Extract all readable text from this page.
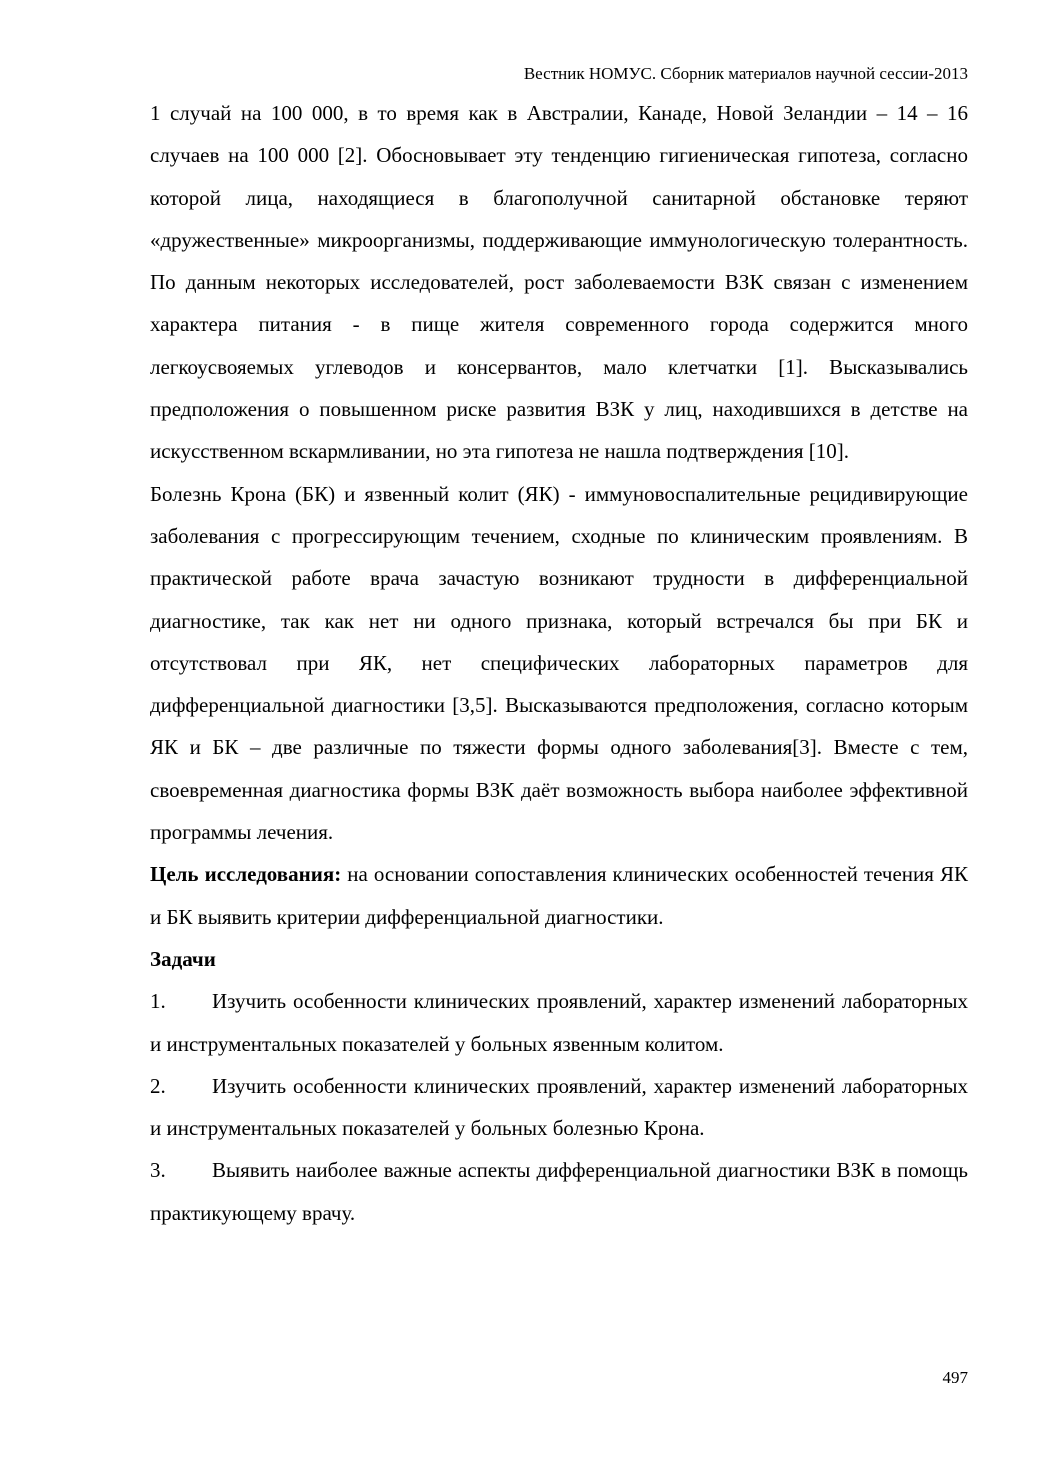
Вестник НОМУС. Сборник материалов научной сессии-2013

1 случай на 100 000, в то время как в Австралии, Канаде, Новой Зеландии – 14 – 16 случаев на 100 000 [2]. Обосновывает эту тенденцию гигиеническая гипотеза, согласно которой лица, находящиеся в благополучной санитарной обстановке теряют «дружественные» микроорганизмы, поддерживающие иммунологическую толерантность. По данным некоторых исследователей, рост заболеваемости ВЗК связан с изменением характера питания - в пище жителя современного города содержится много легкоусвояемых углеводов и консервантов, мало клетчатки [1]. Высказывались предположения о повышенном риске развития ВЗК у лиц, находившихся в детстве на искусственном вскармливании, но эта гипотеза не нашла подтверждения [10].

Болезнь Крона (БК) и язвенный колит (ЯК) - иммуновоспалительные рецидивирующие заболевания с прогрессирующим течением, сходные по клиническим проявлениям. В практической работе врача зачастую возникают трудности в дифференциальной диагностике, так как нет ни одного признака, который встречался бы при БК и отсутствовал при ЯК, нет специфических лабораторных параметров для дифференциальной диагностики [3,5]. Высказываются предположения, согласно которым ЯК и БК – две различные по тяжести формы одного заболевания[3]. Вместе с тем, своевременная диагностика формы ВЗК даёт возможность выбора наиболее эффективной программы лечения.

Цель исследования: на основании сопоставления клинических особенностей течения ЯК и БК выявить критерии дифференциальной диагностики.

Задачи

1. Изучить особенности клинических проявлений, характер изменений лабораторных и инструментальных показателей у больных язвенным колитом.

2. Изучить особенности клинических проявлений, характер изменений лабораторных и инструментальных показателей у больных болезнью Крона.

3. Выявить наиболее важные аспекты дифференциальной диагностики ВЗК в помощь практикующему врачу.

497
